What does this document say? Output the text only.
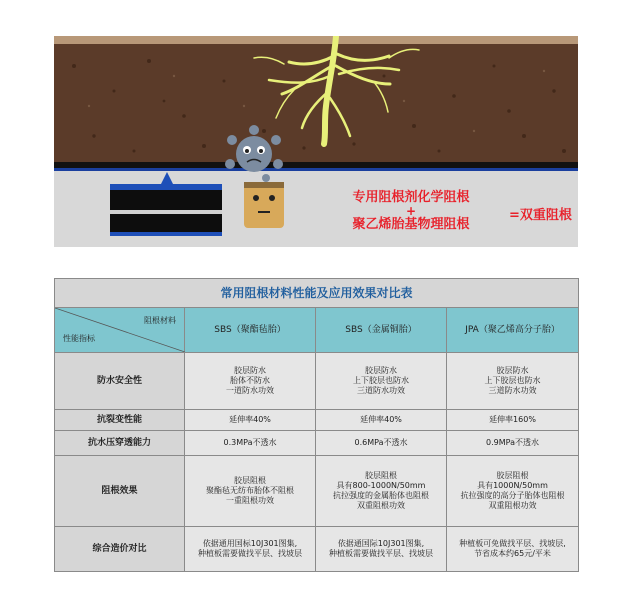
专用阻根剂化学阻根
+
聚乙烯胎基物理阻根
=双重阻根
常用阻根材料性能及应用效果对比表			

阻根材料
性能指标	SBS（聚酯毡胎）	SBS（金属铜胎）	JPA（聚乙烯高分子胎）
防水安全性	胶层防水
胎体不防水
一道防水功效	胶层防水
上下胶层也防水
三道防水功效	胶层防水
上下胶层也防水
三道防水功效

抗裂变性能	延伸率40%	延伸率40%	延伸率160%

抗水压穿透能力	0.3MPa不透水	0.6MPa不透水	0.9MPa不透水

阻根效果	胶层阻根
聚酯毡无纺布胎体不阻根
一重阻根功效	胶层阻根
具有800-1000N/50mm
抗拉强度的金属胎体也阻根
双重阻根功效	胶层阻根
具有1000N/50mm
抗拉强度的高分子胎体也阻根
双重阻根功效

综合造价对比	依据通用国标10J301图集,
种植板需要做找平层、找坡层	依据通国际10J301图集,
种植板需要做找平层、找坡层	种植板可免做找平层、找坡层,
节省成本约65元/平米
